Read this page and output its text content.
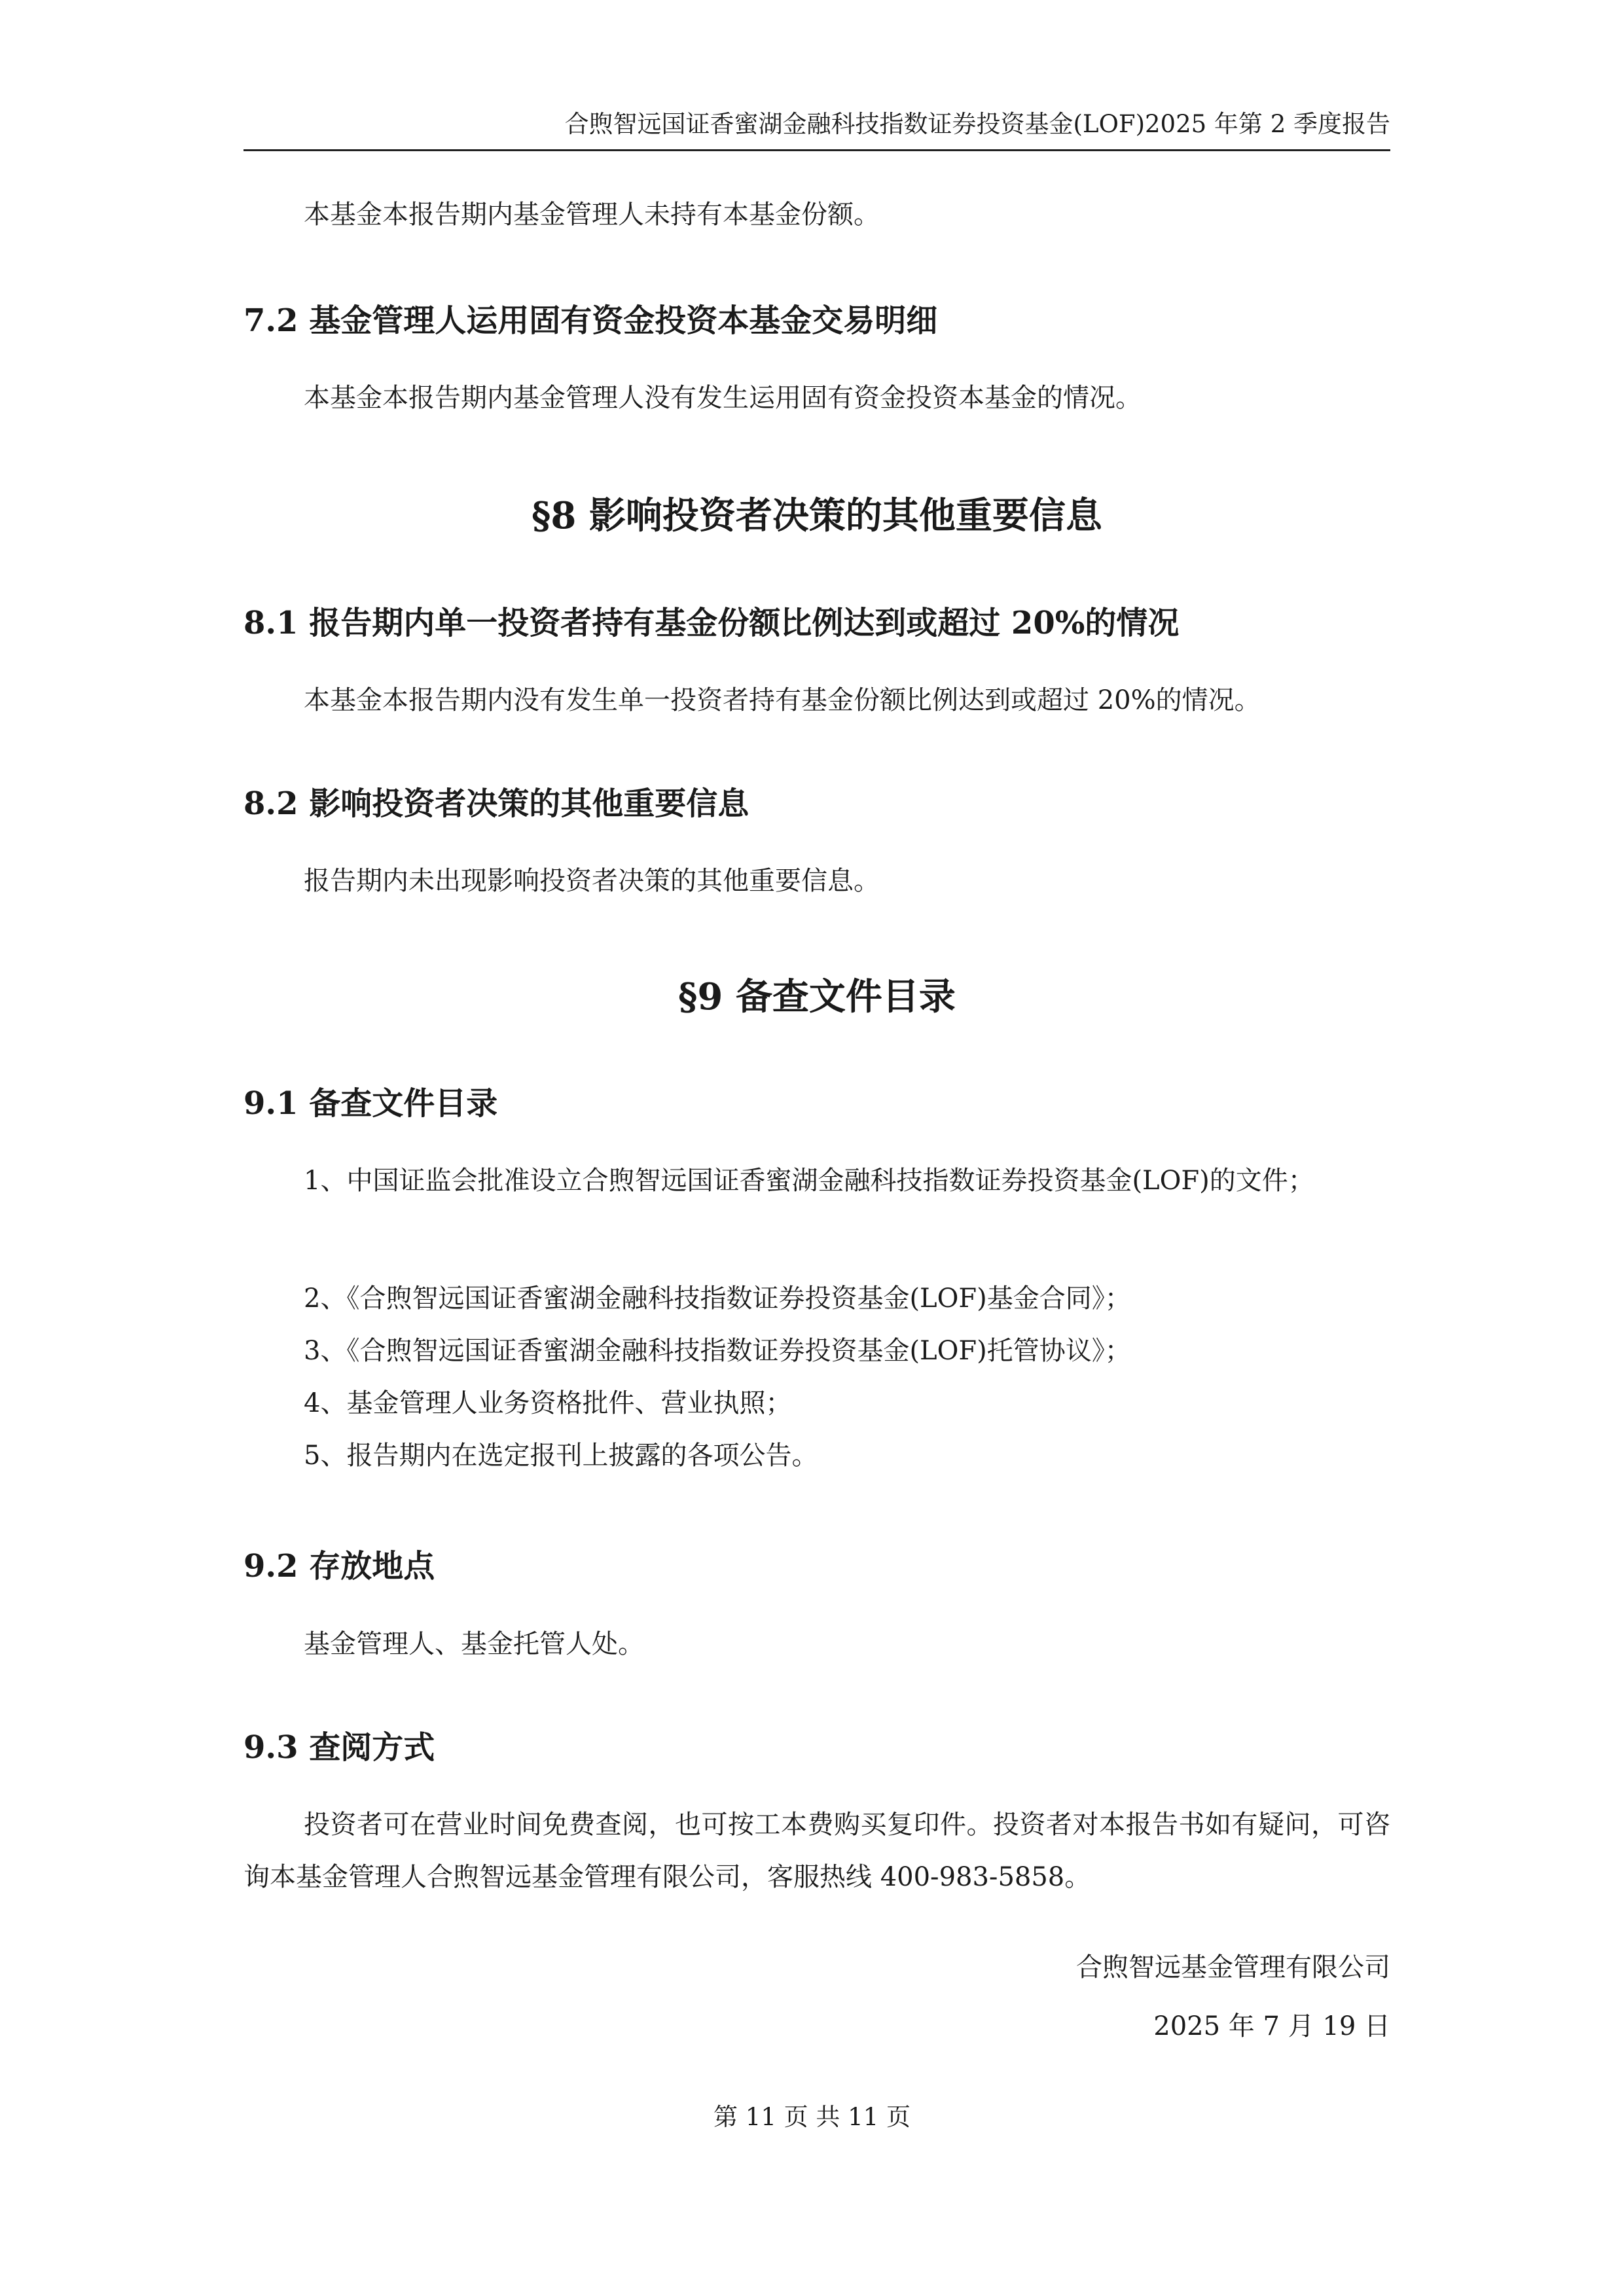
合煦智远国证香蜜湖金融科技指数证券投资基金(LOF)2025 年第 2 季度报告
本基金本报告期内基金管理人未持有本基金份额。
7.2 基金管理人运用固有资金投资本基金交易明细
本基金本报告期内基金管理人没有发生运用固有资金投资本基金的情况。
§8 影响投资者决策的其他重要信息
8.1 报告期内单一投资者持有基金份额比例达到或超过 20%的情况
本基金本报告期内没有发生单一投资者持有基金份额比例达到或超过 20%的情况。
8.2 影响投资者决策的其他重要信息
报告期内未出现影响投资者决策的其他重要信息。
§9 备查文件目录
9.1 备查文件目录
1、中国证监会批准设立合煦智远国证香蜜湖金融科技指数证券投资基金(LOF)的文件；
2、《合煦智远国证香蜜湖金融科技指数证券投资基金(LOF)基金合同》；
3、《合煦智远国证香蜜湖金融科技指数证券投资基金(LOF)托管协议》；
4、基金管理人业务资格批件、营业执照；
5、报告期内在选定报刊上披露的各项公告。
9.2 存放地点
基金管理人、基金托管人处。
9.3 查阅方式
投资者可在营业时间免费查阅，也可按工本费购买复印件。投资者对本报告书如有疑问，可咨询本基金管理人合煦智远基金管理有限公司，客服热线 400-983-5858。
合煦智远基金管理有限公司
2025 年 7 月 19 日
第 11 页 共 11 页
